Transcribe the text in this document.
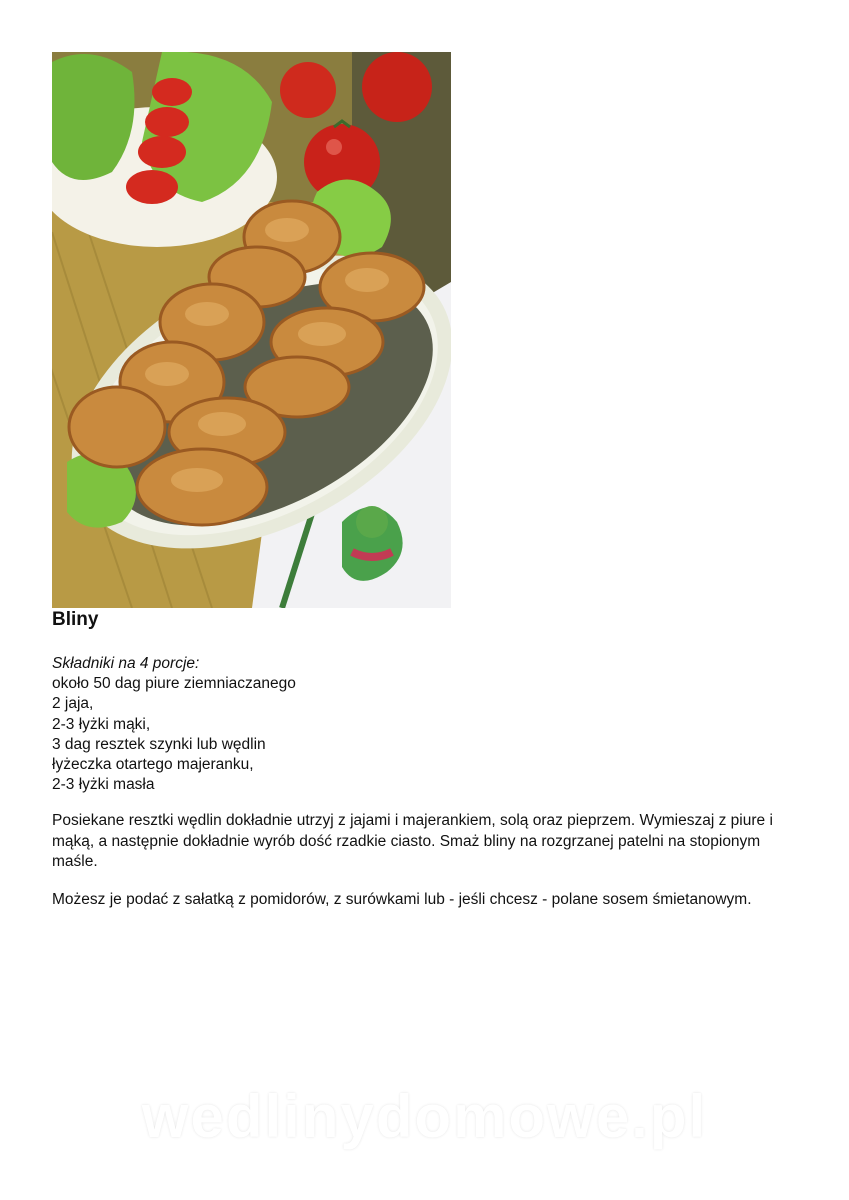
Bliny
Składniki na 4 porcje:
około 50 dag piure ziemniaczanego
2 jaja,
2-3 łyżki mąki,
3 dag resztek szynki lub wędlin
łyżeczka otartego majeranku,
2-3 łyżki masła

Posiekane resztki wędlin dokładnie utrzyj z jajami i majerankiem, solą oraz pieprzem. Wymieszaj z piure i mąką, a następnie dokładnie wyrób dość rzadkie ciasto. Smaż bliny na rozgrzanej patelni na stopionym maśle.

Możesz je podać z sałatką z pomidorów, z surówkami lub - jeśli chcesz - polane sosem śmietanowym.

wedlinydomowe.pl
